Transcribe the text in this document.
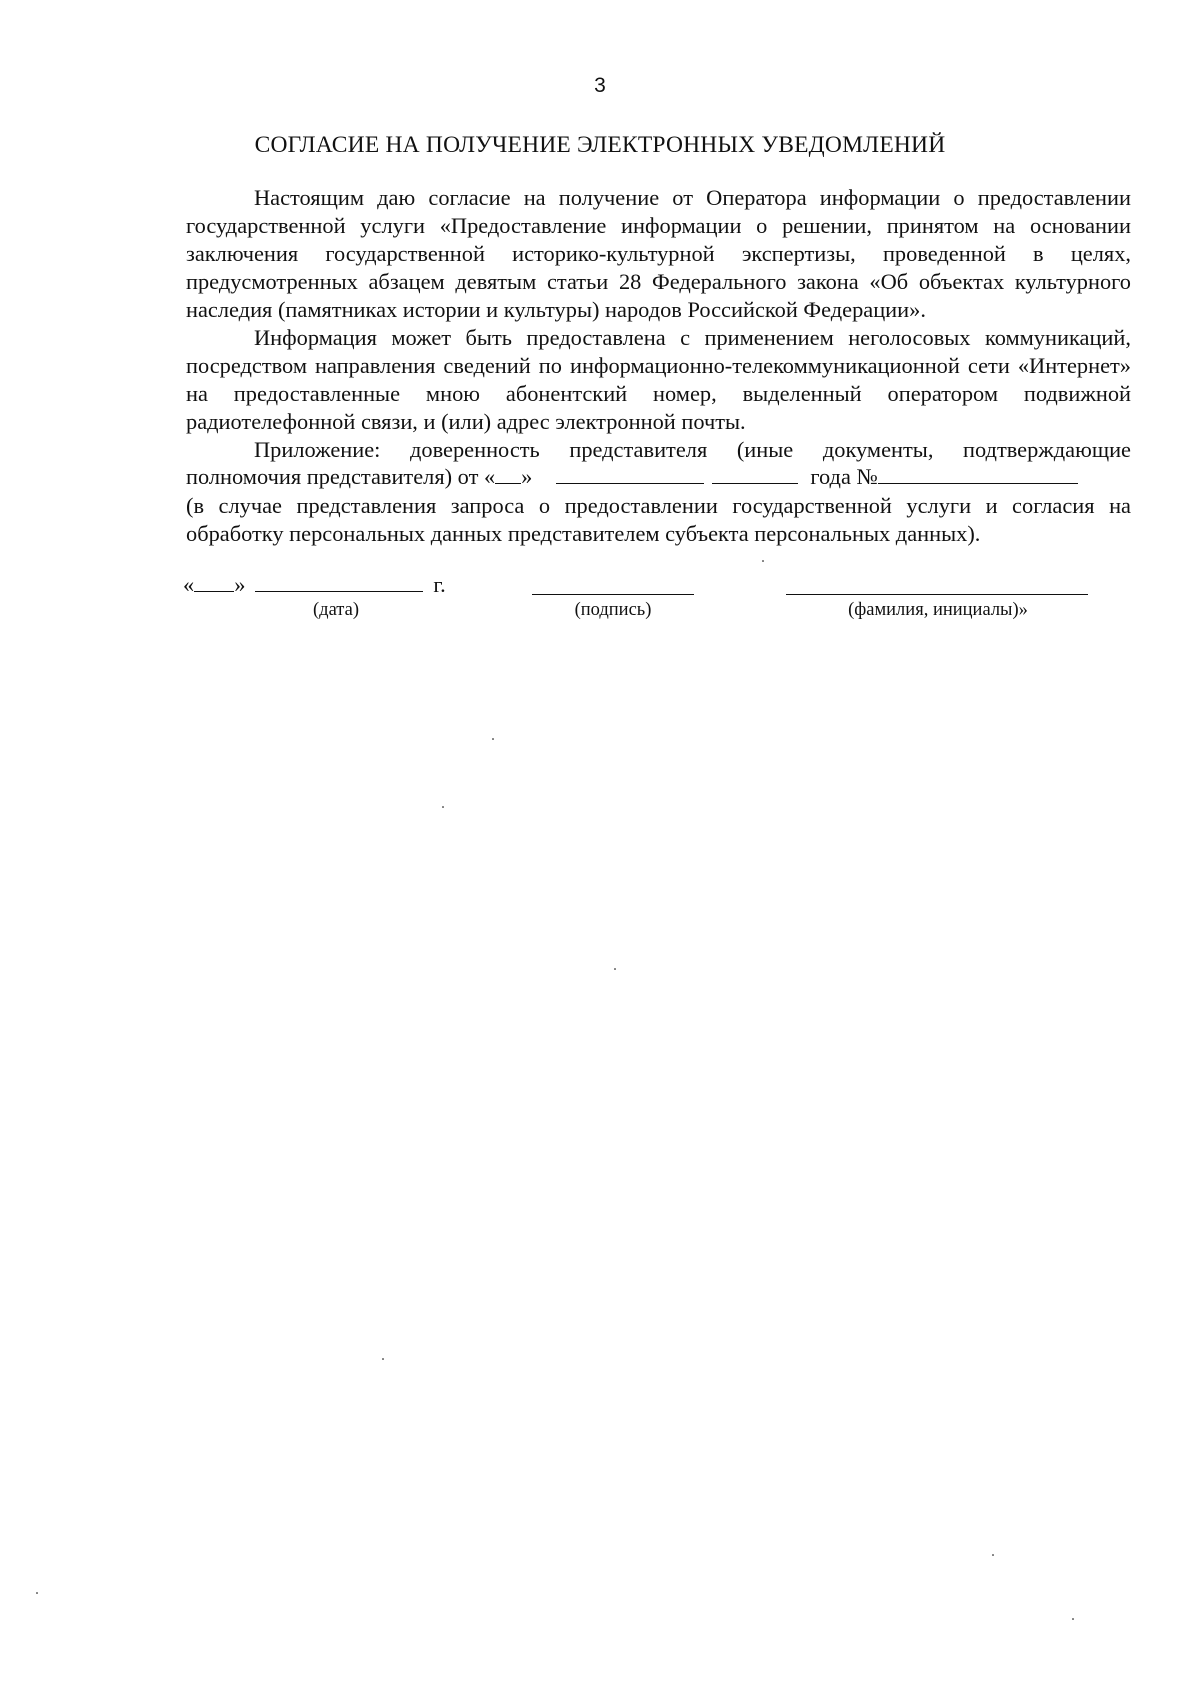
3
СОГЛАСИЕ НА ПОЛУЧЕНИЕ ЭЛЕКТРОННЫХ УВЕДОМЛЕНИЙ

Настоящим даю согласие на получение от Оператора информации о предоставлении государственной услуги «Предоставление информации о решении, принятом на основании заключения государственной историко-культурной экспертизы, проведенной в целях, предусмотренных абзацем девятым статьи 28 Федерального закона «Об объектах культурного наследия (памятниках истории и культуры) народов Российской Федерации».

Информация может быть предоставлена с применением неголосовых коммуникаций, посредством направления сведений по информационно-телекоммуникационной сети «Интернет» на предоставленные мною абонентский номер, выделенный оператором подвижной радиотелефонной связи, и (или) адрес электронной почты.

Приложение: доверенность представителя (иные документы, подтверждающие

полномочия представителя) от « »	года №

(в случае представления запроса о предоставлении государственной услуги и согласия на обработку персональных данных представителем субъекта персональных данных).

« »	г.
(дата)	(подпись)	(фамилия, инициалы)»
